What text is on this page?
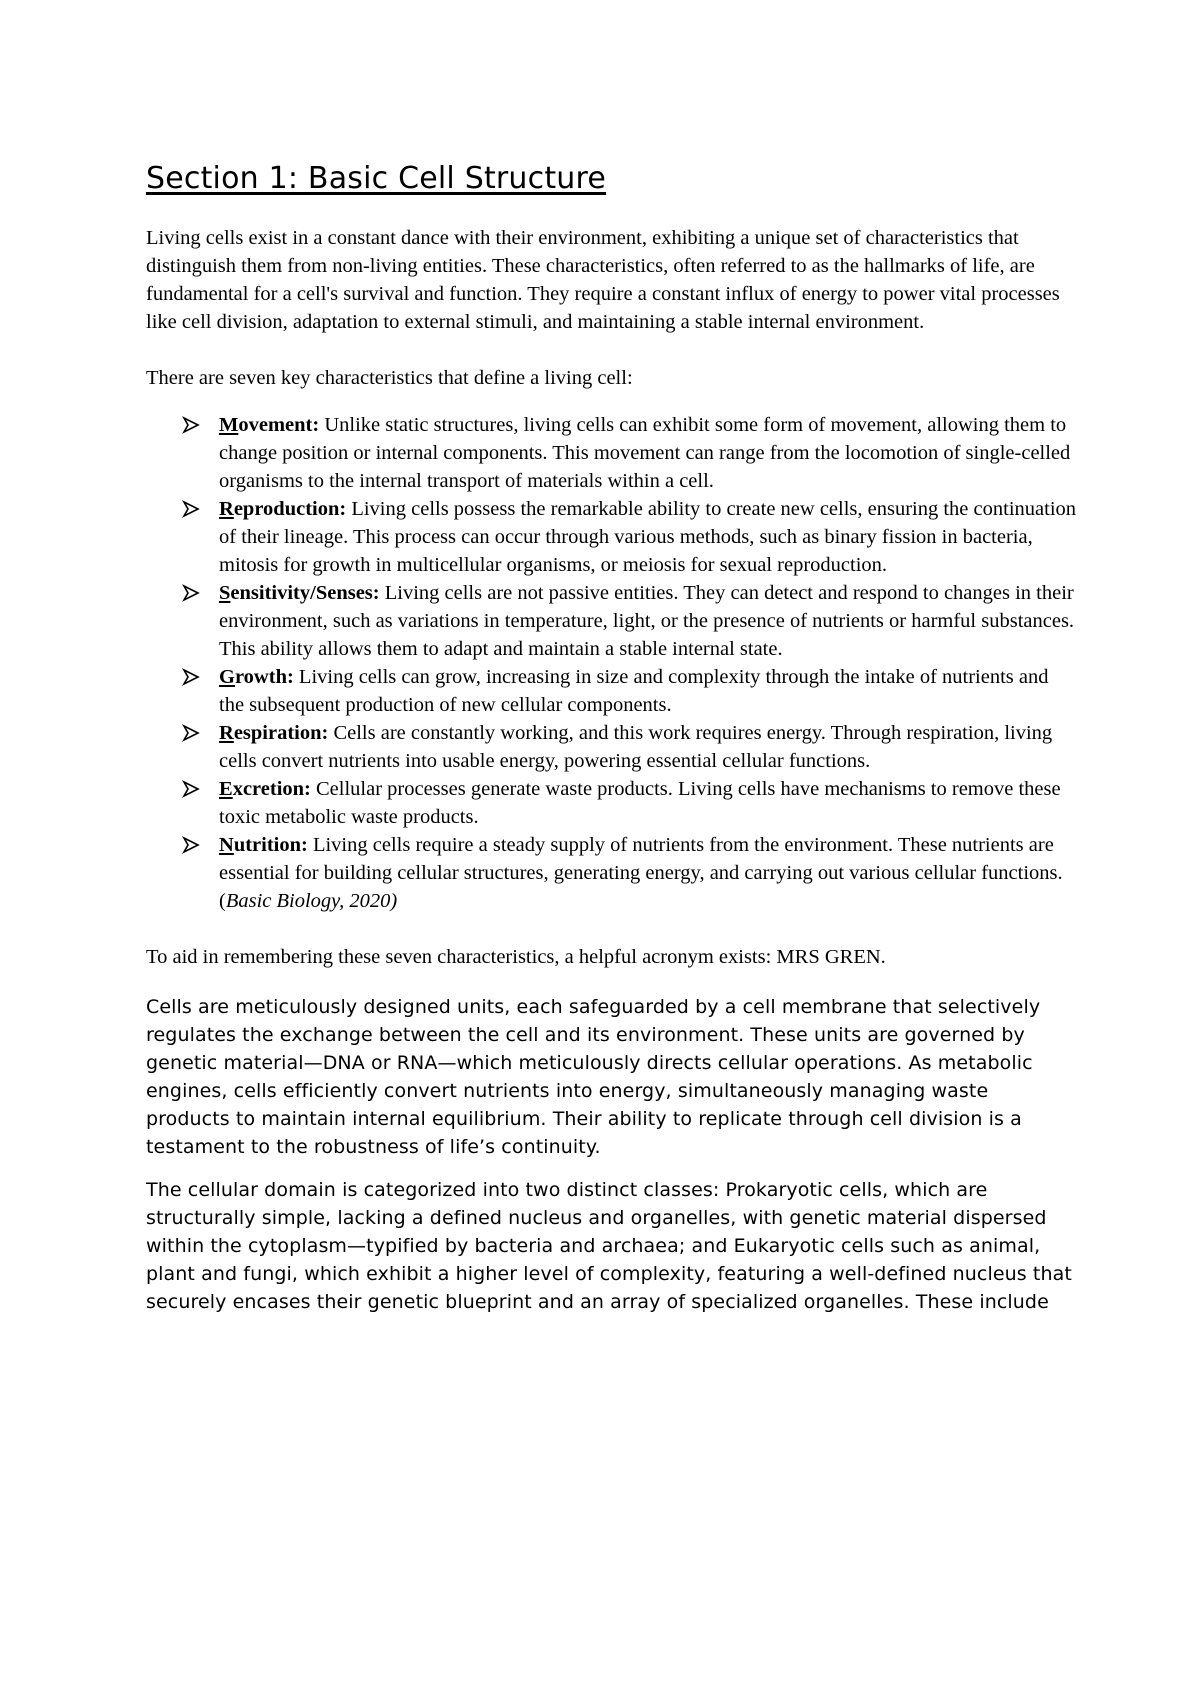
Section 1: Basic Cell Structure

Living cells exist in a constant dance with their environment, exhibiting a unique set of characteristics that distinguish them from non-living entities. These characteristics, often referred to as the hallmarks of life, are fundamental for a cell's survival and function. They require a constant influx of energy to power vital processes like cell division, adaptation to external stimuli, and maintaining a stable internal environment.

There are seven key characteristics that define a living cell:

Movement: Unlike static structures, living cells can exhibit some form of movement, allowing them to change position or internal components. This movement can range from the locomotion of single-celled organisms to the internal transport of materials within a cell.
Reproduction: Living cells possess the remarkable ability to create new cells, ensuring the continuation of their lineage. This process can occur through various methods, such as binary fission in bacteria, mitosis for growth in multicellular organisms, or meiosis for sexual reproduction.
Sensitivity/Senses: Living cells are not passive entities. They can detect and respond to changes in their environment, such as variations in temperature, light, or the presence of nutrients or harmful substances. This ability allows them to adapt and maintain a stable internal state.
Growth: Living cells can grow, increasing in size and complexity through the intake of nutrients and the subsequent production of new cellular components.
Respiration: Cells are constantly working, and this work requires energy. Through respiration, living cells convert nutrients into usable energy, powering essential cellular functions.
Excretion: Cellular processes generate waste products. Living cells have mechanisms to remove these toxic metabolic waste products.
Nutrition: Living cells require a steady supply of nutrients from the environment. These nutrients are essential for building cellular structures, generating energy, and carrying out various cellular functions. (Basic Biology, 2020)

To aid in remembering these seven characteristics, a helpful acronym exists: MRS GREN.

Cells are meticulously designed units, each safeguarded by a cell membrane that selectively regulates the exchange between the cell and its environment. These units are governed by genetic material—DNA or RNA—which meticulously directs cellular operations. As metabolic engines, cells efficiently convert nutrients into energy, simultaneously managing waste products to maintain internal equilibrium. Their ability to replicate through cell division is a testament to the robustness of life’s continuity.

The cellular domain is categorized into two distinct classes: Prokaryotic cells, which are structurally simple, lacking a defined nucleus and organelles, with genetic material dispersed within the cytoplasm—typified by bacteria and archaea; and Eukaryotic cells such as animal, plant and fungi, which exhibit a higher level of complexity, featuring a well-defined nucleus that securely encases their genetic blueprint and an array of specialized organelles. These include
